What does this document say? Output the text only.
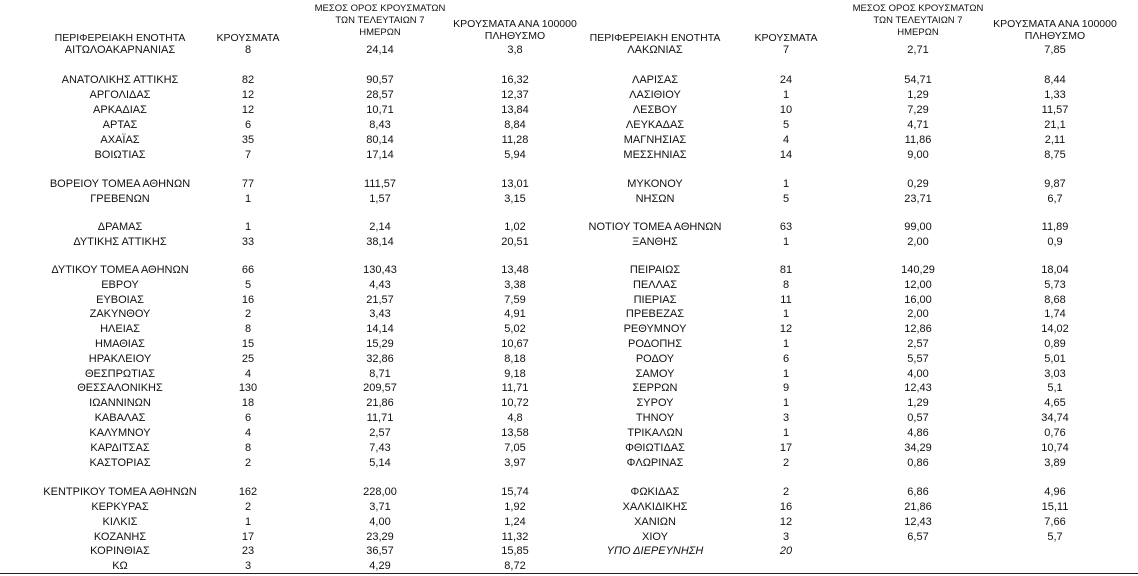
ΠΕΡΙΦΕΡΕΙΑΚΗ ΕΝΟΤΗΤΑ	ΚΡΟΥΣΜΑΤΑ
ΜΕΣΟΣ ΟΡΟΣ ΚΡΟΥΣΜΑΤΩΝ
ΤΩΝ ΤΕΛΕΥΤΑΙΩΝ 7
ΗΜΕΡΩΝ
ΚΡΟΥΣΜΑΤΑ ΑΝΑ 100000
ΠΛΗΘΥΣΜΟ	ΠΕΡΙΦΕΡΕΙΑΚΗ ΕΝΟΤΗΤΑ	ΚΡΟΥΣΜΑΤΑ
ΜΕΣΟΣ ΟΡΟΣ ΚΡΟΥΣΜΑΤΩΝ
ΤΩΝ ΤΕΛΕΥΤΑΙΩΝ 7
ΗΜΕΡΩΝ
ΚΡΟΥΣΜΑΤΑ ΑΝΑ 100000
ΠΛΗΘΥΣΜΟ
ΑΙΤΩΛΟΑΚΑΡΝΑΝΙΑΣ	8	24,14	3,8
ΑΝΑΤΟΛΙΚΗΣ ΑΤΤΙΚΗΣ	82	90,57	16,32
ΑΡΓΟΛΙΔΑΣ	12	28,57	12,37
ΑΡΚΑΔΙΑΣ	12	10,71	13,84
ΑΡΤΑΣ	6	8,43	8,84
ΑΧΑΪΑΣ	35	80,14	11,28
ΒΟΙΩΤΙΑΣ	7	17,14	5,94
ΒΟΡΕΙΟΥ ΤΟΜΕΑ ΑΘΗΝΩΝ	77	111,57	13,01
ΓΡΕΒΕΝΩΝ	1	1,57	3,15
ΔΡΑΜΑΣ	1	2,14	1,02
ΔΥΤΙΚΗΣ ΑΤΤΙΚΗΣ	33	38,14	20,51
ΔΥΤΙΚΟΥ ΤΟΜΕΑ ΑΘΗΝΩΝ	66	130,43	13,48
ΕΒΡΟΥ	5	4,43	3,38
ΕΥΒΟΙΑΣ	16	21,57	7,59
ΖΑΚΥΝΘΟΥ	2	3,43	4,91
ΗΛΕΙΑΣ	8	14,14	5,02
ΗΜΑΘΙΑΣ	15	15,29	10,67
ΗΡΑΚΛΕΙΟΥ	25	32,86	8,18
ΘΕΣΠΡΩΤΙΑΣ	4	8,71	9,18
ΘΕΣΣΑΛΟΝΙΚΗΣ	130	209,57	11,71
ΙΩΑΝΝΙΝΩΝ	18	21,86	10,72
ΚΑΒΑΛΑΣ	6	11,71	4,8
ΚΑΛΥΜΝΟΥ	4	2,57	13,58
ΚΑΡΔΙΤΣΑΣ	8	7,43	7,05
ΚΑΣΤΟΡΙΑΣ	2	5,14	3,97
ΚΕΝΤΡΙΚΟΥ ΤΟΜΕΑ ΑΘΗΝΩΝ	162	228,00	15,74
ΚΕΡΚΥΡΑΣ	2	3,71	1,92
ΚΙΛΚΙΣ	1	4,00	1,24
ΚΟΖΑΝΗΣ	17	23,29	11,32
ΚΟΡΙΝΘΙΑΣ	23	36,57	15,85
ΚΩ	3	4,29	8,72
ΛΑΚΩΝΙΑΣ	7	2,71	7,85
ΛΑΡΙΣΑΣ	24	54,71	8,44
ΛΑΣΙΘΙΟΥ	1	1,29	1,33
ΛΕΣΒΟΥ	10	7,29	11,57
ΛΕΥΚΑΔΑΣ	5	4,71	21,1
ΜΑΓΝΗΣΙΑΣ	4	11,86	2,11
ΜΕΣΣΗΝΙΑΣ	14	9,00	8,75
ΜΥΚΟΝΟΥ	1	0,29	9,87
ΝΗΣΩΝ	5	23,71	6,7
ΝΟΤΙΟΥ ΤΟΜΕΑ ΑΘΗΝΩΝ	63	99,00	11,89
ΞΑΝΘΗΣ	1	2,00	0,9
ΠΕΙΡΑΙΩΣ	81	140,29	18,04
ΠΕΛΛΑΣ	8	12,00	5,73
ΠΙΕΡΙΑΣ	11	16,00	8,68
ΠΡΕΒΕΖΑΣ	1	2,00	1,74
ΡΕΘΥΜΝΟΥ	12	12,86	14,02
ΡΟΔΟΠΗΣ	1	2,57	0,89
ΡΟΔΟΥ	6	5,57	5,01
ΣΑΜΟΥ	1	4,00	3,03
ΣΕΡΡΩΝ	9	12,43	5,1
ΣΥΡΟΥ	1	1,29	4,65
ΤΗΝΟΥ	3	0,57	34,74
ΤΡΙΚΑΛΩΝ	1	4,86	0,76
ΦΘΙΩΤΙΔΑΣ	17	34,29	10,74
ΦΛΩΡΙΝΑΣ	2	0,86	3,89
ΦΩΚΙΔΑΣ	2	6,86	4,96
ΧΑΛΚΙΔΙΚΗΣ	16	21,86	15,11
ΧΑΝΙΩΝ	12	12,43	7,66
ΧΙΟΥ	3	6,57	5,7
ΥΠΟ ΔΙΕΡΕΥΝΗΣΗ	20
